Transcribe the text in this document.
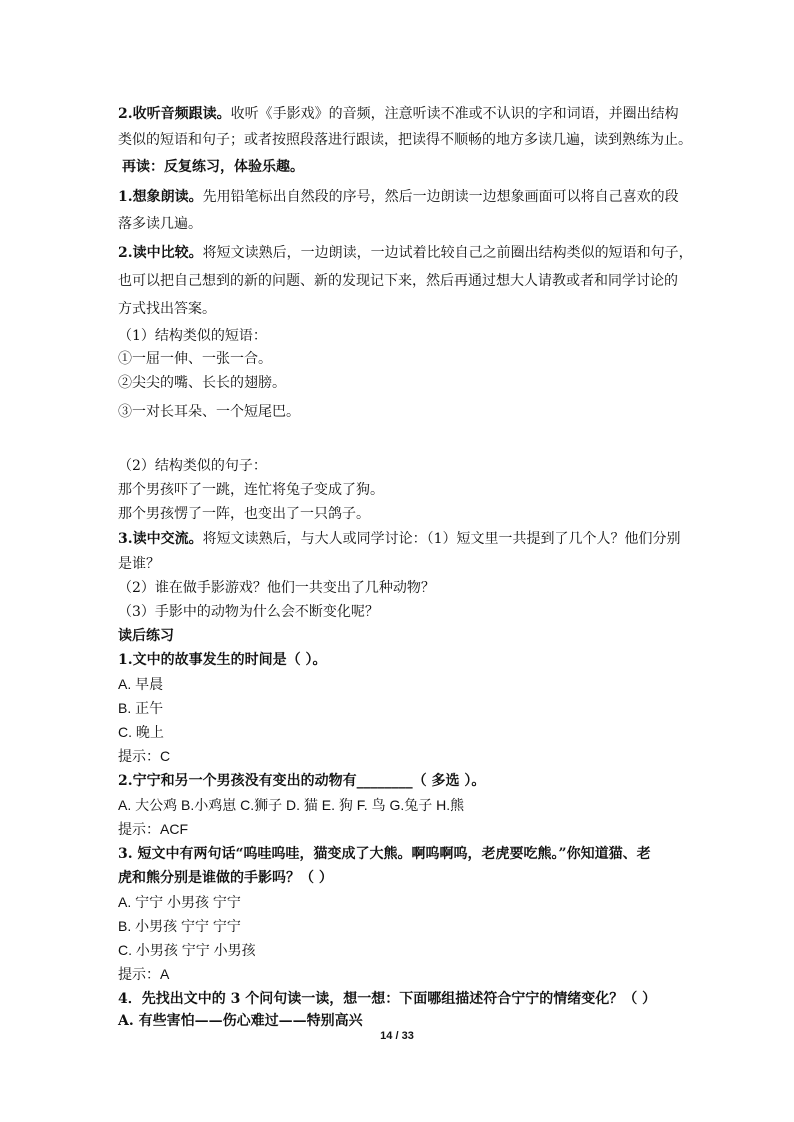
2.收听音频跟读。收听《手影戏》的音频，注意听读不准或不认识的字和词语，并圈出结构
类似的短语和句子；或者按照段落进行跟读，把读得不顺畅的地方多读几遍，读到熟练为止。
再读：反复练习，体验乐趣。
1.想象朗读。先用铅笔标出自然段的序号，然后一边朗读一边想象画面可以将自己喜欢的段
落多读几遍。
2.读中比较。将短文读熟后，一边朗读，一边试着比较自己之前圈出结构类似的短语和句子，
也可以把自己想到的新的问题、新的发现记下来，然后再通过想大人请教或者和同学讨论的
方式找出答案。
（1）结构类似的短语：
①一屈一伸、一张一合。
②尖尖的嘴、长长的翅膀。
③一对长耳朵、一个短尾巴。
（2）结构类似的句子：
那个男孩吓了一跳，连忙将兔子变成了狗。
那个男孩愣了一阵，也变出了一只鸽子。
3.读中交流。将短文读熟后，与大人或同学讨论：（1）短文里一共提到了几个人？他们分别
是谁？
（2）谁在做手影游戏？他们一共变出了几种动物？
（3）手影中的动物为什么会不断变化呢？
读后练习
1.文中的故事发生的时间是（ ）。
A. 早晨
B. 正午
C. 晚上
提示：C
2.宁宁和另一个男孩没有变出的动物有________（ 多选 ）。
A. 大公鸡 B.小鸡崽 C.狮子 D. 猫 E. 狗 F. 鸟 G.兔子 H.熊
提示：ACF
3. 短文中有两句话“呜哇呜哇，猫变成了大熊。啊呜啊呜，老虎要吃熊。”你知道猫、老
虎和熊分别是谁做的手影吗？（ ）
A. 宁宁 小男孩 宁宁
B. 小男孩 宁宁 宁宁
C. 小男孩 宁宁 小男孩
提示：A
4．先找出文中的 3 个问句读一读，想一想：下面哪组描述符合宁宁的情绪变化？（ ）
A. 有些害怕——伤心难过——特别高兴
14 / 33
